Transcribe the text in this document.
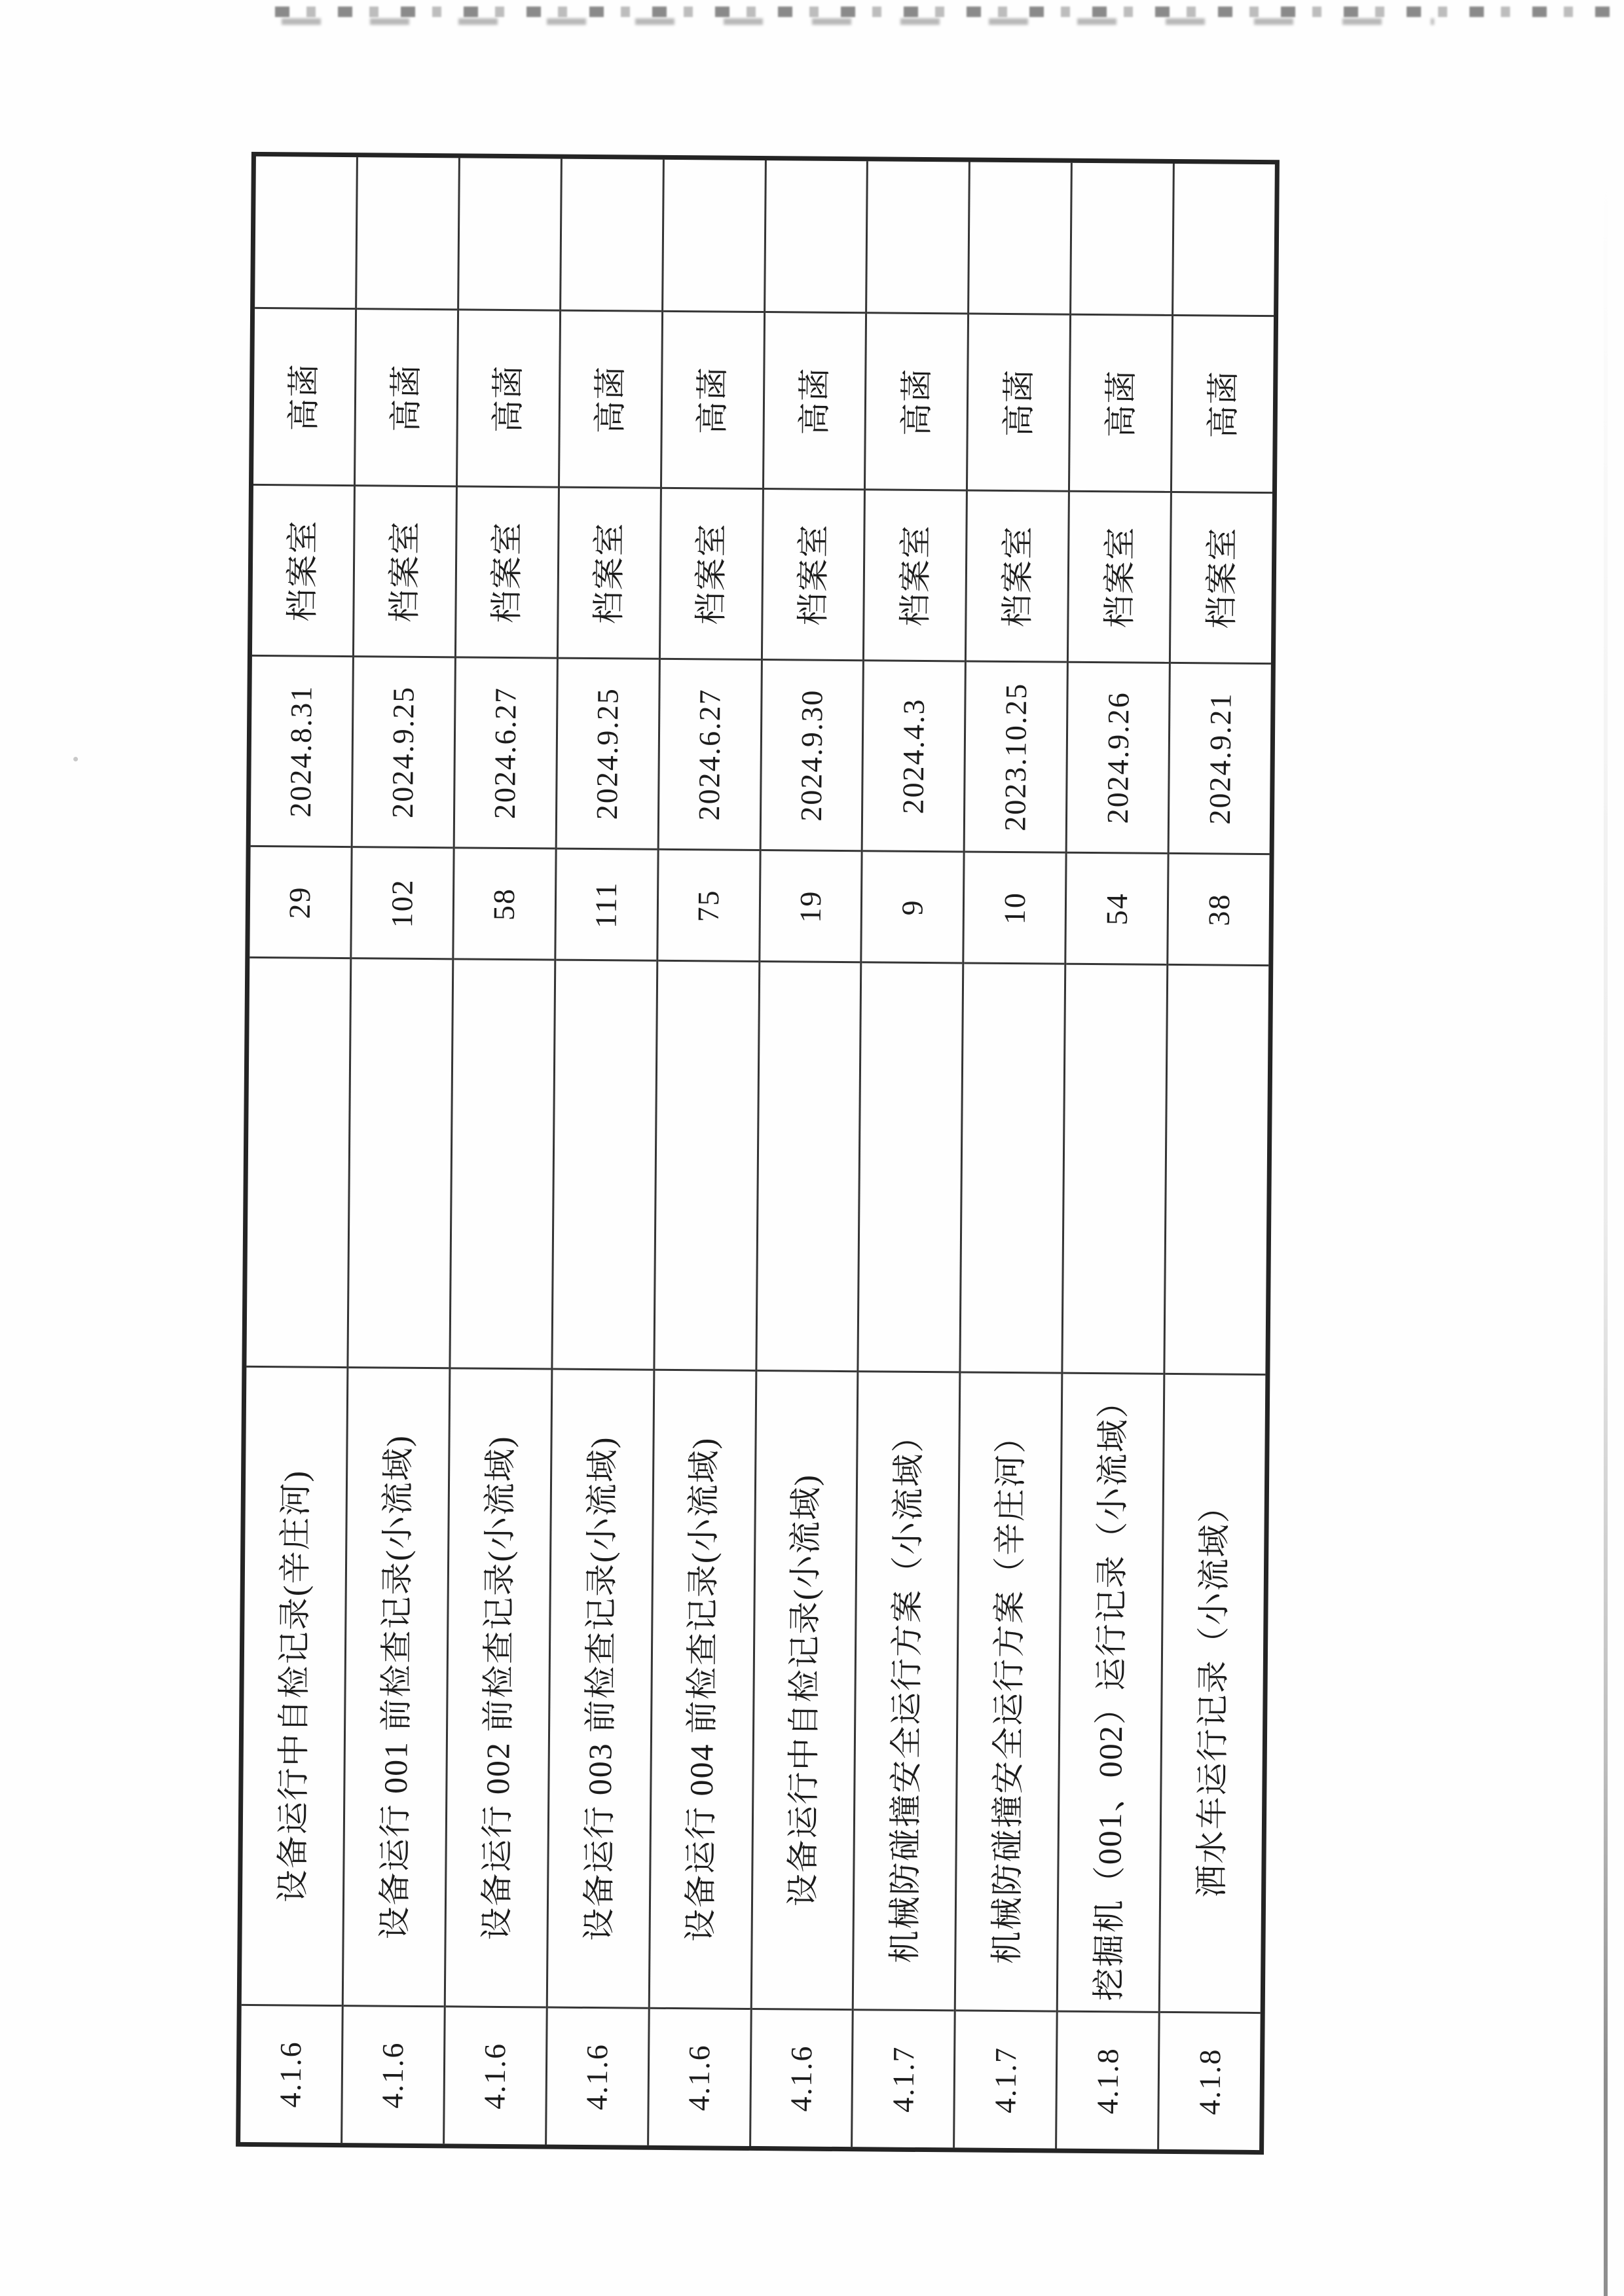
高菡
档案室
2024.8.31
29
设备运行中自检记录(辛庄河)
4.1.6
高菡
档案室
2024.9.25
102
设备运行 001 前检查记录(小流域)
4.1.6
高菡
档案室
2024.6.27
58
设备运行 002 前检查记录(小流域)
4.1.6
高菡
档案室
2024.9.25
111
设备运行 003 前检查记录(小流域)
4.1.6
高菡
档案室
2024.6.27
75
设备运行 004 前检查记录(小流域)
4.1.6
高菡
档案室
2024.9.30
19
设备运行中自检记录(小流域)
4.1.6
高菡
档案室
2024.4.3
9
机械防碰撞安全运行方案（小流域）
4.1.7
高菡
档案室
2023.10.25
10
机械防碰撞安全运行方案（辛庄河）
4.1.7
高菡
档案室
2024.9.26
54
挖掘机（001、002）运行记录（小流域）
4.1.8
高菡
档案室
2024.9.21
38
洒水车运行记录（小流域）
4.1.8
